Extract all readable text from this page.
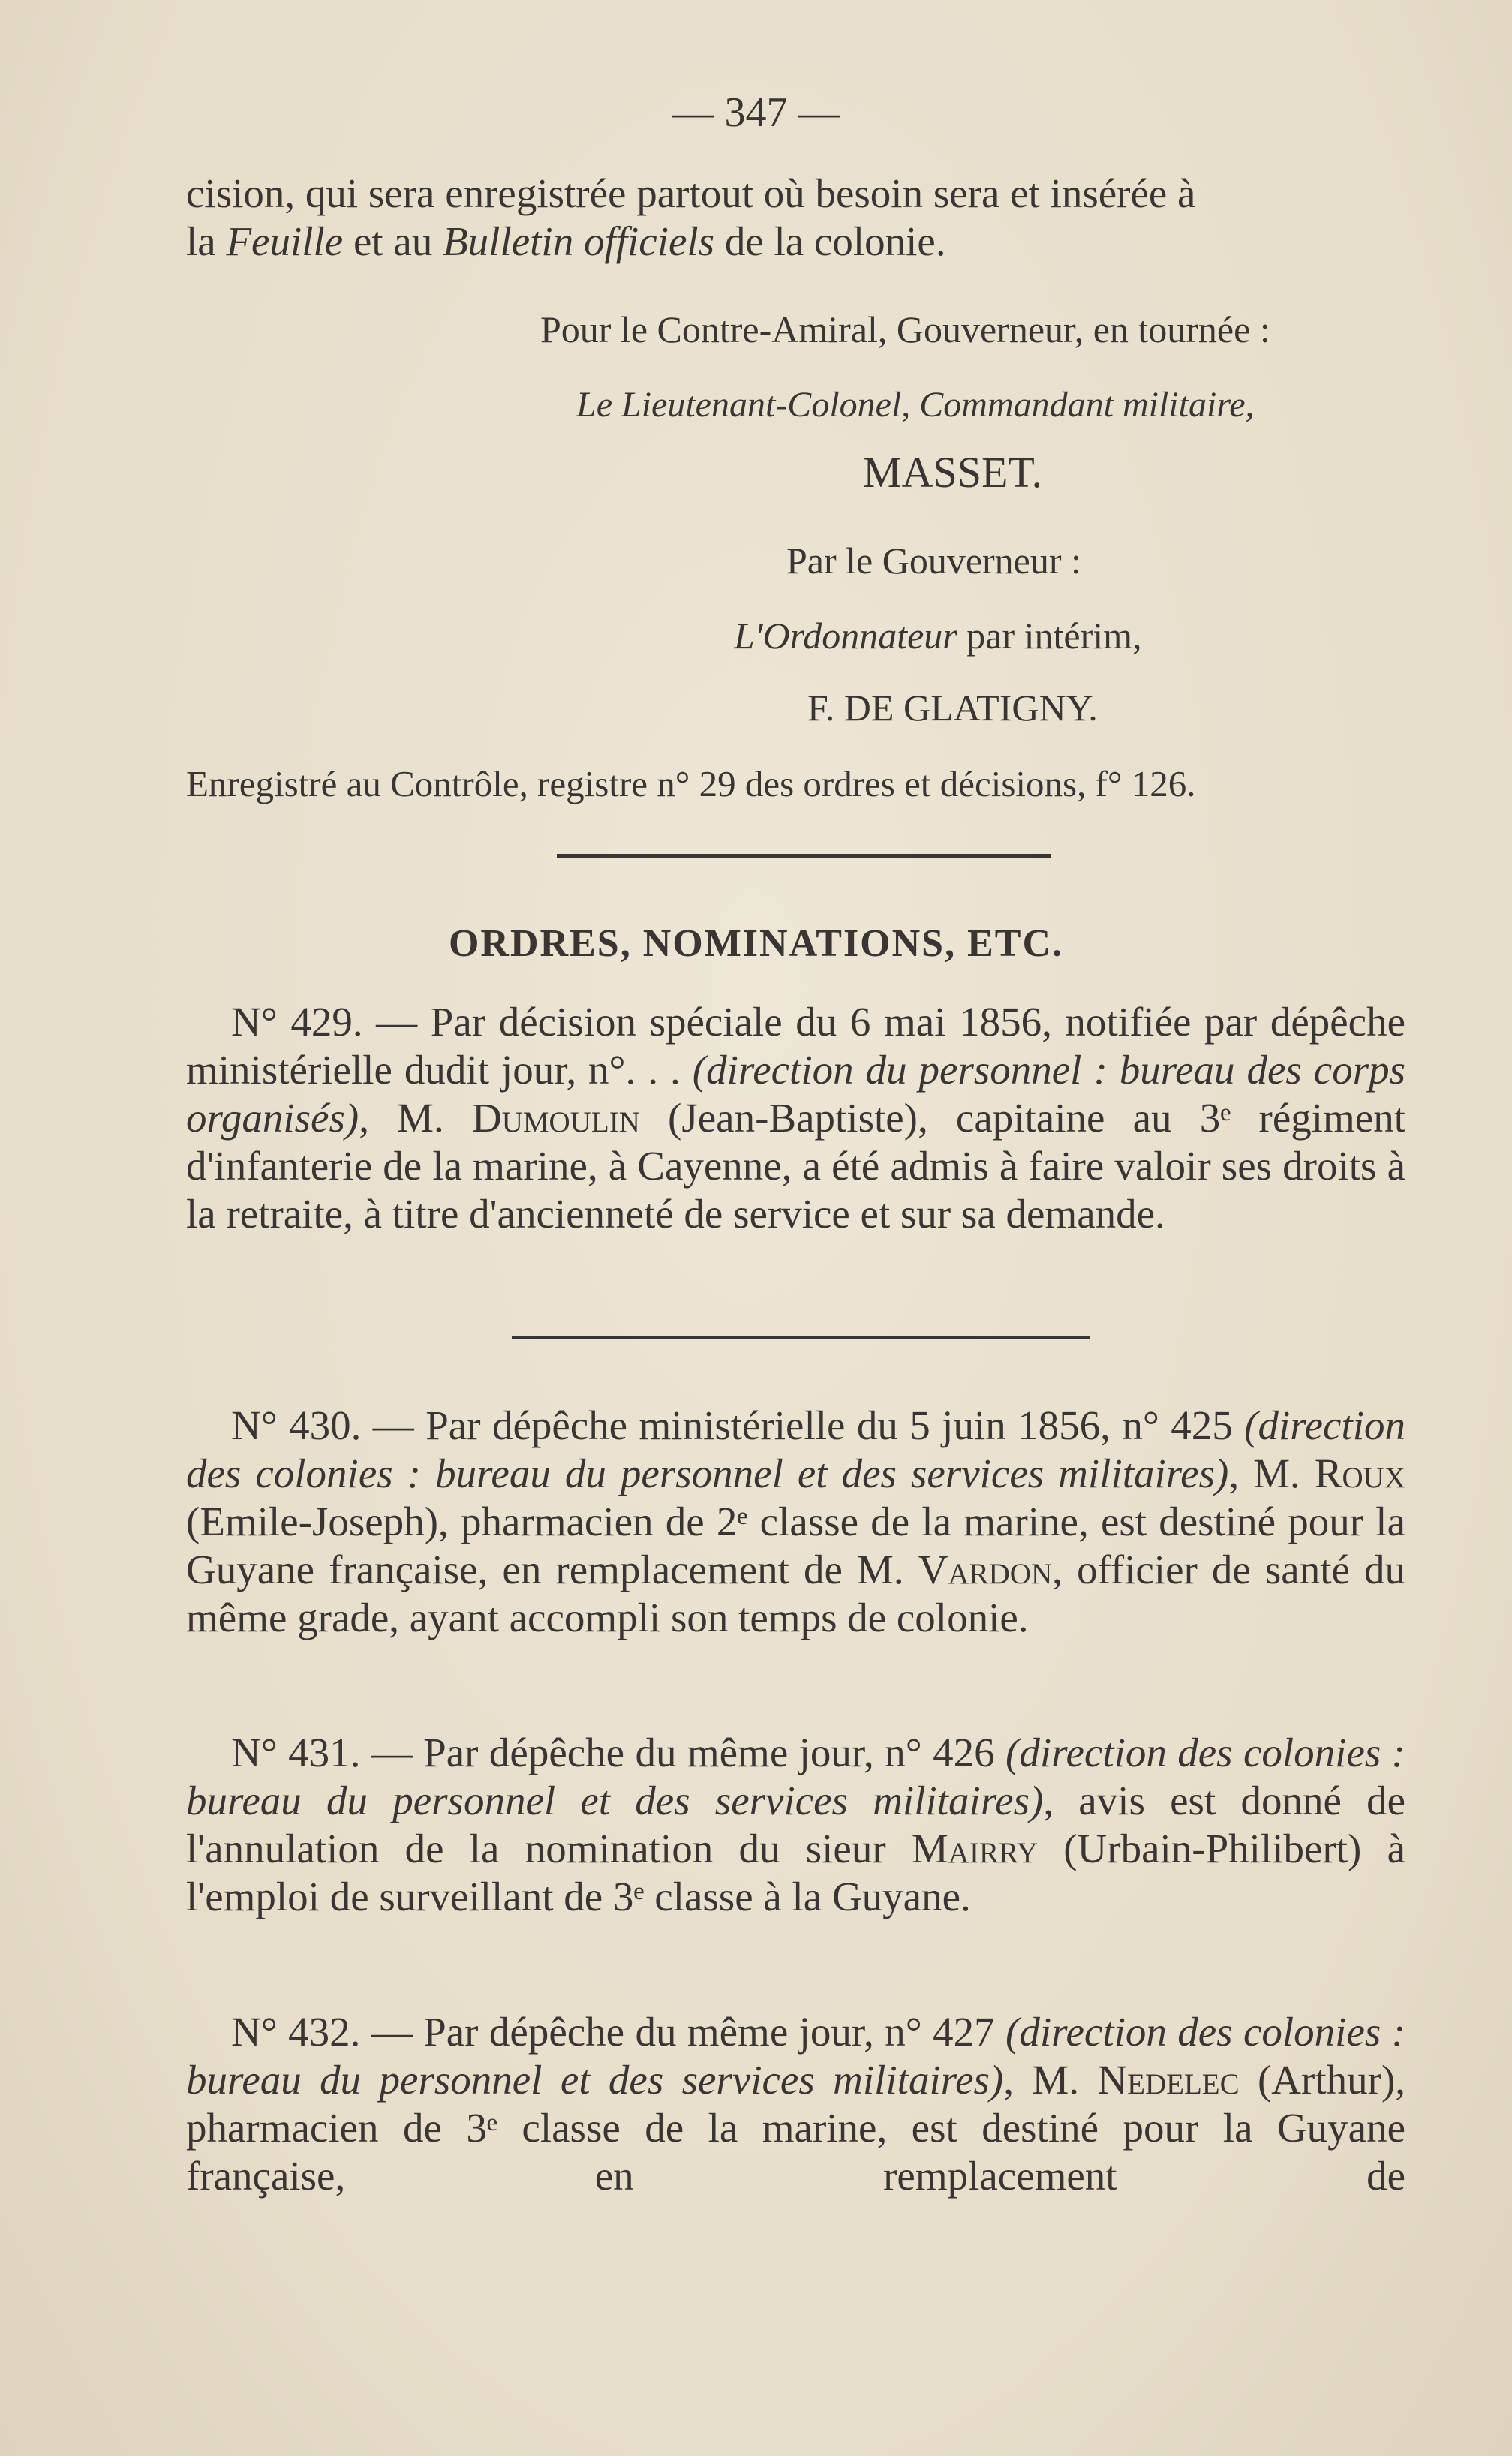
— 347 —
cision, qui sera enregistrée partout où besoin sera et insérée à
la Feuille et au Bulletin officiels de la colonie.
Pour le Contre-Amiral, Gouverneur, en tournée :
Le Lieutenant-Colonel, Commandant militaire,
MASSET.
Par le Gouverneur :
L'Ordonnateur par intérim,
F. DE GLATIGNY.
Enregistré au Contrôle, registre n° 29 des ordres et décisions, f° 126.
ORDRES, NOMINATIONS, ETC.
N° 429. — Par décision spéciale du 6 mai 1856, notifiée par dépêche ministérielle dudit jour, n°. . . (direction du personnel : bureau des corps organisés), M. Dumoulin (Jean-Baptiste), capitaine au 3ᵉ régiment d'infanterie de la marine, à Cayenne, a été admis à faire valoir ses droits à la retraite, à titre d'ancienneté de service et sur sa demande.
N° 430. — Par dépêche ministérielle du 5 juin 1856, n° 425 (direction des colonies : bureau du personnel et des services militaires), M. Roux (Emile-Joseph), pharmacien de 2ᵉ classe de la marine, est destiné pour la Guyane française, en remplacement de M. Vardon, officier de santé du même grade, ayant accompli son temps de colonie.
N° 431. — Par dépêche du même jour, n° 426 (direction des colonies : bureau du personnel et des services militaires), avis est donné de l'annulation de la nomination du sieur Mairry (Urbain-Philibert) à l'emploi de surveillant de 3ᵉ classe à la Guyane.
N° 432. — Par dépêche du même jour, n° 427 (direction des colonies : bureau du personnel et des services militaires), M. Nedelec (Arthur), pharmacien de 3ᵉ classe de la marine, est destiné pour la Guyane française, en remplacement de
